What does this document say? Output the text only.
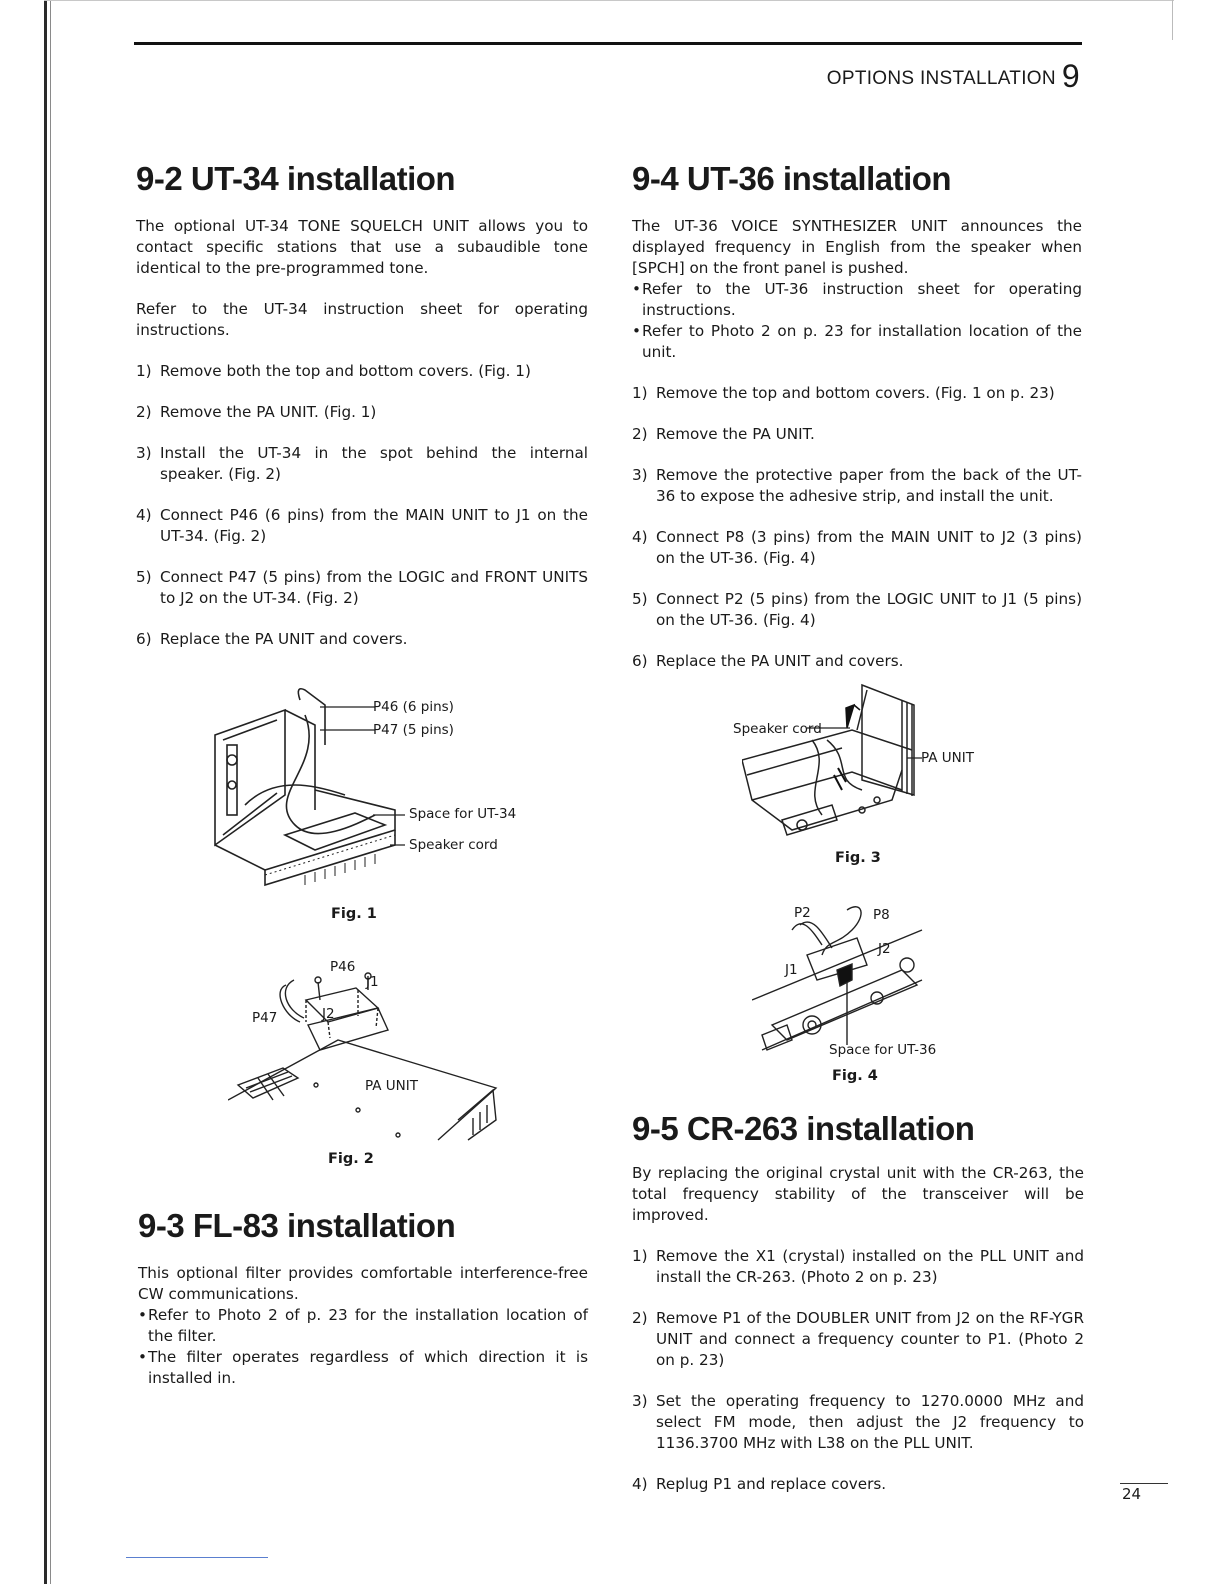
OPTIONS INSTALLATION 9
9-2 UT-34 installation

The optional UT-34 TONE SQUELCH UNIT allows you to contact specific stations that use a subaudible tone identical to the pre-programmed tone.

Refer to the UT-34 instruction sheet for operating instructions.

1) Remove both the top and bottom covers. (Fig. 1)
2) Remove the PA UNIT. (Fig. 1)
3) Install the UT-34 in the spot behind the internal speaker. (Fig. 2)
4) Connect P46 (6 pins) from the MAIN UNIT to J1 on the UT-34. (Fig. 2)
5) Connect P47 (5 pins) from the LOGIC and FRONT UNITS to J2 on the UT-34. (Fig. 2)
6) Replace the PA UNIT and covers.
P46 (6 pins)
P47 (5 pins)
Space for UT-34
Speaker cord
Fig. 1
P46
J1
P47	J2
PA UNIT
Fig. 2
9-3 FL-83 installation

This optional filter provides comfortable interference-free CW communications.

• Refer to Photo 2 of p. 23 for the installation location of the filter.
• The filter operates regardless of which direction it is installed in.
9-4 UT-36 installation

The UT-36 VOICE SYNTHESIZER UNIT announces the displayed frequency in English from the speaker when [SPCH] on the front panel is pushed.

• Refer to the UT-36 instruction sheet for operating instructions.
• Refer to Photo 2 on p. 23 for installation location of the unit.
1) Remove the top and bottom covers. (Fig. 1 on p. 23)
2) Remove the PA UNIT.
3) Remove the protective paper from the back of the UT-36 to expose the adhesive strip, and install the unit.
4) Connect P8 (3 pins) from the MAIN UNIT to J2 (3 pins) on the UT-36. (Fig. 4)
5) Connect P2 (5 pins) from the LOGIC UNIT to J1 (5 pins) on the UT-36. (Fig. 4)
6) Replace the PA UNIT and covers.
Speaker cord
PA UNIT
Fig. 3
P2	P8
J2
J1
Space for UT-36
Fig. 4
9-5 CR-263 installation

By replacing the original crystal unit with the CR-263, the total frequency stability of the transceiver will be improved.

1) Remove the X1 (crystal) installed on the PLL UNIT and install the CR-263. (Photo 2 on p. 23)
2) Remove P1 of the DOUBLER UNIT from J2 on the RF-YGR UNIT and connect a frequency counter to P1. (Photo 2 on p. 23)
3) Set the operating frequency to 1270.0000 MHz and select FM mode, then adjust the J2 frequency to 1136.3700 MHz with L38 on the PLL UNIT.
4) Replug P1 and replace covers.
24
